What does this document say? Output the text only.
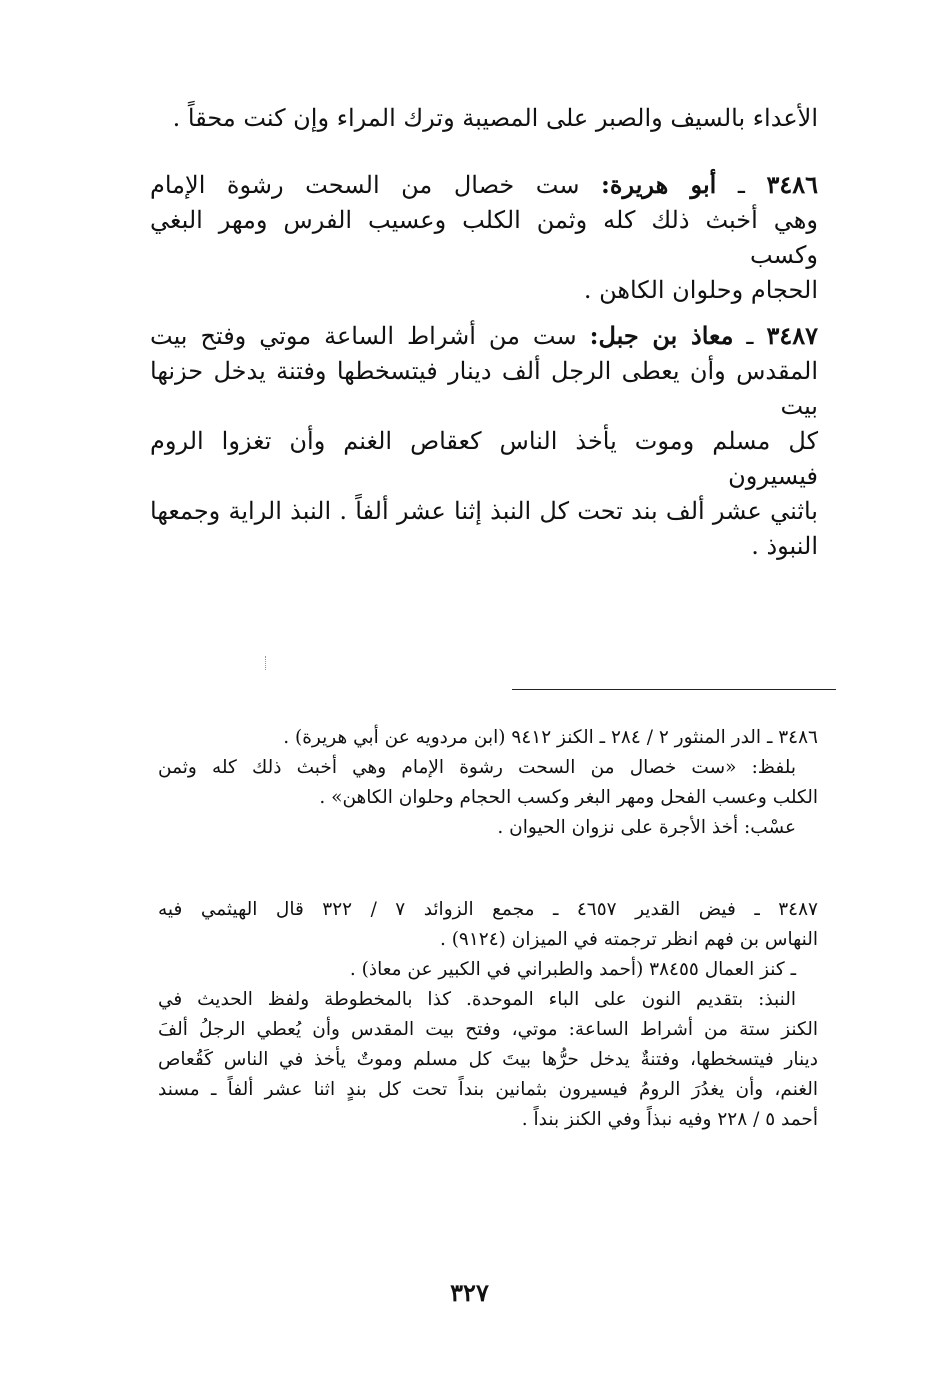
الأعداء بالسيف والصبر على المصيبة وترك المراء وإن كنت محقاً .
٣٤٨٦ ـ أبو هريرة: ست خصال من السحت رشوة الإمام
وهي أخبث ذلك كله وثمن الكلب وعسيب الفرس ومهر البغي وكسب
الحجام وحلوان الكاهن .
٣٤٨٧ ـ معاذ بن جبل: ست من أشراط الساعة موتي وفتح بيت
المقدس وأن يعطى الرجل ألف دينار فيتسخطها وفتنة يدخل حزنها بيت
كل مسلم وموت يأخذ الناس كعقاص الغنم وأن تغزوا الروم فيسيرون
باثني عشر ألف بند تحت كل النبذ إثنا عشر ألفاً . النبذ الراية وجمعها
النبوذ .
٣٤٨٦ ـ الدر المنثور ٢ / ٢٨٤ ـ الكنز ٩٤١٢ (ابن مردويه عن أبي هريرة) .
بلفظ: «ست خصال من السحت رشوة الإمام وهي أخبث ذلك كله وثمن
الكلب وعسب الفحل ومهر البغر وكسب الحجام وحلوان الكاهن» .
عسْب: أخذ الأجرة على نزوان الحيوان .
٣٤٨٧ ـ فيض القدير ٤٦٥٧ ـ مجمع الزوائد ٧ / ٣٢٢ قال الهيثمي فيه
النهاس بن فهم انظر ترجمته في الميزان (٩١٢٤) .
ـ كنز العمال ٣٨٤٥٥ (أحمد والطبراني في الكبير عن معاذ) .
النبذ: بتقديم النون على الباء الموحدة. كذا بالمخطوطة ولفظ الحديث في
الكنز ستة من أشراط الساعة: موتي، وفتح بيت المقدس وأن يُعطي الرجلُ ألفَ
دينار فيتسخطها، وفتنةٌ يدخل حرُّها بيتَ كل مسلم وموتٌ يأخذ في الناس كَقُعاص
الغنم، وأن يغدُرَ الرومُ فيسيرون بثمانين بنداً تحت كل بندٍ اثنا عشر ألفاً ـ مسند
أحمد ٥ / ٢٢٨ وفيه نبذاً وفي الكنز بنداً .
٣٢٧
